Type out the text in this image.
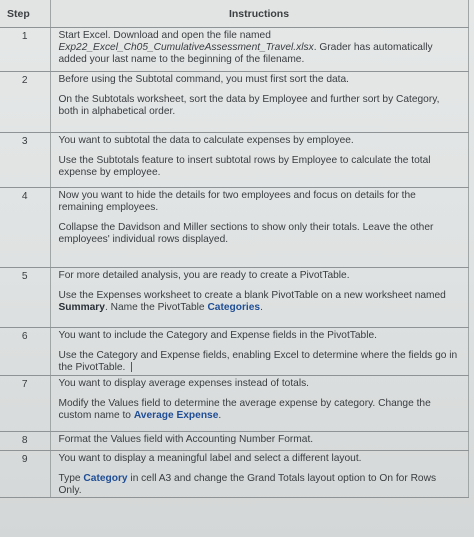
Step	Instructions
1	Start Excel. Download and open the file named Exp22_Excel_Ch05_CumulativeAssessment_Travel.xlsx. Grader has automatically added your last name to the beginning of the filename.

2	Before using the Subtotal command, you must first sort the data.

On the Subtotals worksheet, sort the data by Employee and further sort by Category, both in alphabetical order.

3	You want to subtotal the data to calculate expenses by employee.

Use the Subtotals feature to insert subtotal rows by Employee to calculate the total expense by employee.

4	Now you want to hide the details for two employees and focus on details for the remaining employees.

Collapse the Davidson and Miller sections to show only their totals. Leave the other employees' individual rows displayed.

5	For more detailed analysis, you are ready to create a PivotTable.

Use the Expenses worksheet to create a blank PivotTable on a new worksheet named Summary. Name the PivotTable Categories.

6	You want to include the Category and Expense fields in the PivotTable.

Use the Category and Expense fields, enabling Excel to determine where the fields go in the PivotTable.

7	You want to display average expenses instead of totals.

Modify the Values field to determine the average expense by category. Change the custom name to Average Expense.

8	Format the Values field with Accounting Number Format.

9	You want to display a meaningful label and select a different layout.

Type Category in cell A3 and change the Grand Totals layout option to On for Rows Only.
